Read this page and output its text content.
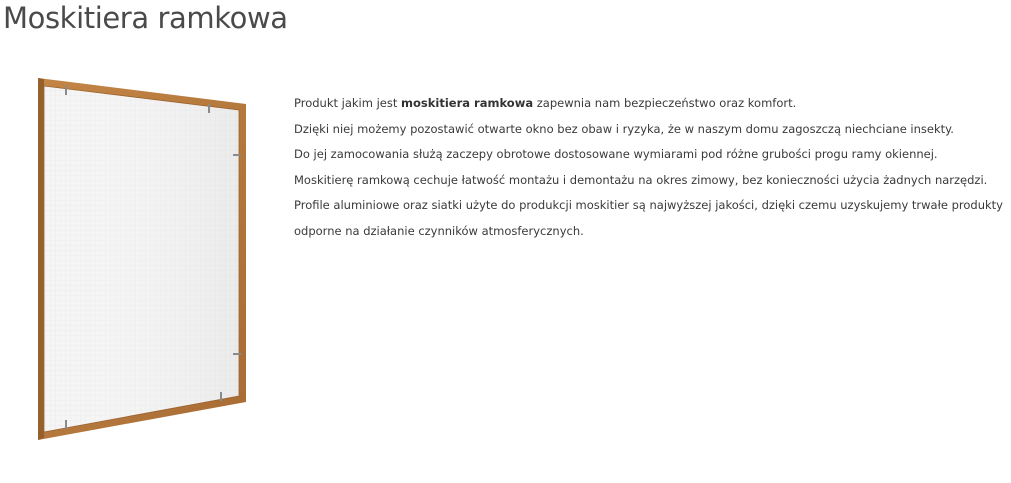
Moskitiera ramkowa

Produkt jakim jest moskitiera ramkowa zapewnia nam bezpieczeństwo oraz komfort.

Dzięki niej możemy pozostawić otwarte okno bez obaw i ryzyka, że w naszym domu zagoszczą niechciane insekty.

Do jej zamocowania służą zaczepy obrotowe dostosowane wymiarami pod różne grubości progu ramy okiennej.

Moskitierę ramkową cechuje łatwość montażu i demontażu na okres zimowy, bez konieczności użycia żadnych narzędzi.

Profile aluminiowe oraz siatki użyte do produkcji moskitier są najwyższej jakości, dzięki czemu uzyskujemy trwałe produkty

odporne na działanie czynników atmosferycznych.
